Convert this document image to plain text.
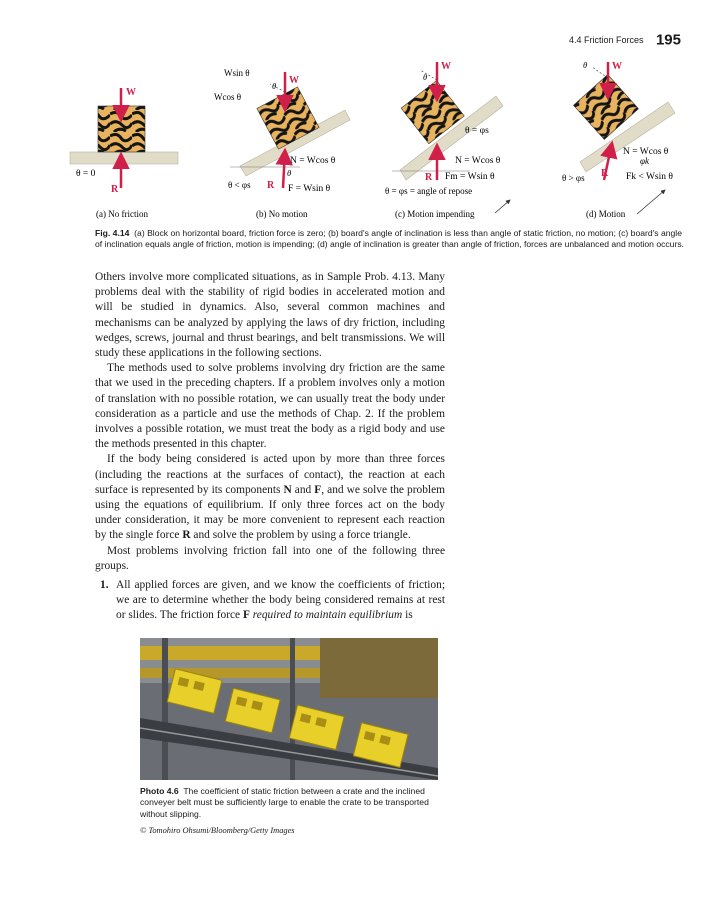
4.4 Friction Forces 195
W
R
θ = 0
(a) No friction
Wsin θ
W
θ
Wcos θ
N = Wcos θ
θ
θ < φs R F = Wsin θ
(b) No motion
W
θ
θ = φs
N = Wcos θ
R Fm = Wsin θ
θ = φs = angle of repose
(c) Motion impending
θ W
N = Wcos θ
φk
θ > φs R Fk < Wsin θ
(d) Motion
Fig. 4.14 (a) Block on horizontal board, friction force is zero; (b) board's angle of inclination is less than angle of static friction, no motion; (c) board's angle of inclination equals angle of friction, motion is impending; (d) angle of inclination is greater than angle of friction, forces are unbalanced and motion occurs.

Others involve more complicated situations, as in Sample Prob. 4.13. Many problems deal with the stability of rigid bodies in accelerated motion and will be studied in dynamics. Also, several common machines and mechanisms can be analyzed by applying the laws of dry friction, including wedges, screws, journal and thrust bearings, and belt transmissions. We will study these applications in the following sections.

The methods used to solve problems involving dry friction are the same that we used in the preceding chapters. If a problem involves only a motion of translation with no possible rotation, we can usually treat the body under consideration as a particle and use the methods of Chap. 2. If the problem involves a possible rotation, we must treat the body as a rigid body and use the methods presented in this chapter.

If the body being considered is acted upon by more than three forces (including the reactions at the surfaces of contact), the reaction at each surface is represented by its components N and F, and we solve the problem using the equations of equilibrium. If only three forces act on the body under consideration, it may be more convenient to represent each reaction by the single force R and solve the problem by using a force triangle.

Most problems involving friction fall into one of the following three groups.

1. All applied forces are given, and we know the coefficients of friction; we are to determine whether the body being considered remains at rest or slides. The friction force F required to maintain equilibrium is
Photo 4.6 The coefficient of static friction between a crate and the inclined conveyer belt must be sufficiently large to enable the crate to be transported without slipping.
© Tomohiro Ohsumi/Bloomberg/Getty Images
